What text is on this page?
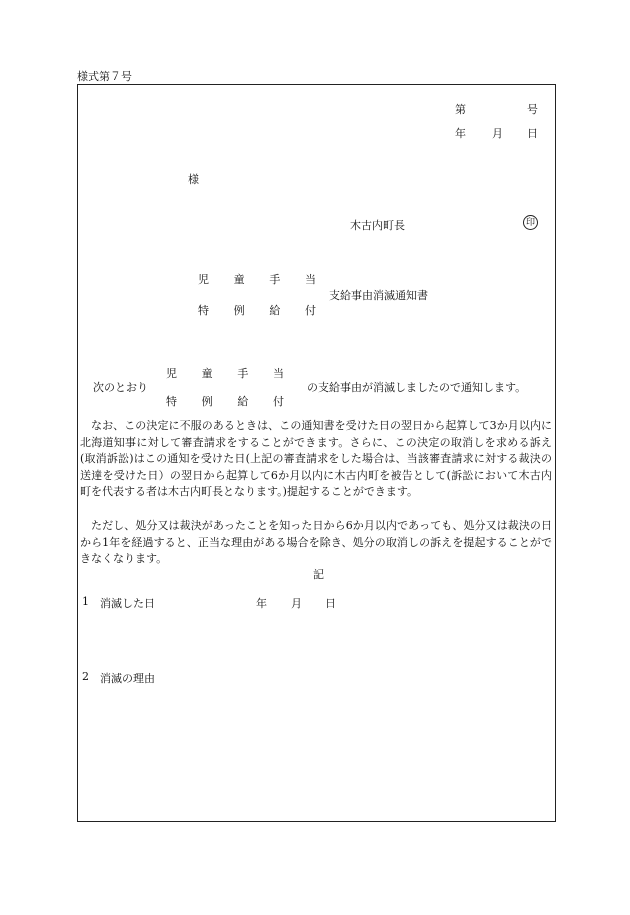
様式第７号
第	号
年 月 日
様
木古内町長	印
児 童 手 当
特 例 給 付
支給事由消滅通知書
次のとおり
児 童 手 当
特 例 給 付
の支給事由が消滅しましたので通知します。

なお、この決定に不服のあるときは、この通知書を受けた日の翌日から起算して3か月以内に北海道知事に対して審査請求をすることができます。さらに、この決定の取消しを求める訴え(取消訴訟)はこの通知を受けた日(上記の審査請求をした場合は、当該審査請求に対する裁決の送達を受けた日）の翌日から起算して6か月以内に木古内町を被告として(訴訟において木古内町を代表する者は木古内町長となります。)提起することができます。

ただし、処分又は裁決があったことを知った日から6か月以内であっても、処分又は裁決の日から1年を経過すると、正当な理由がある場合を除き、処分の取消しの訴えを提起することができなくなります。

記
1 消滅した日	年 月 日
2 消滅の理由
